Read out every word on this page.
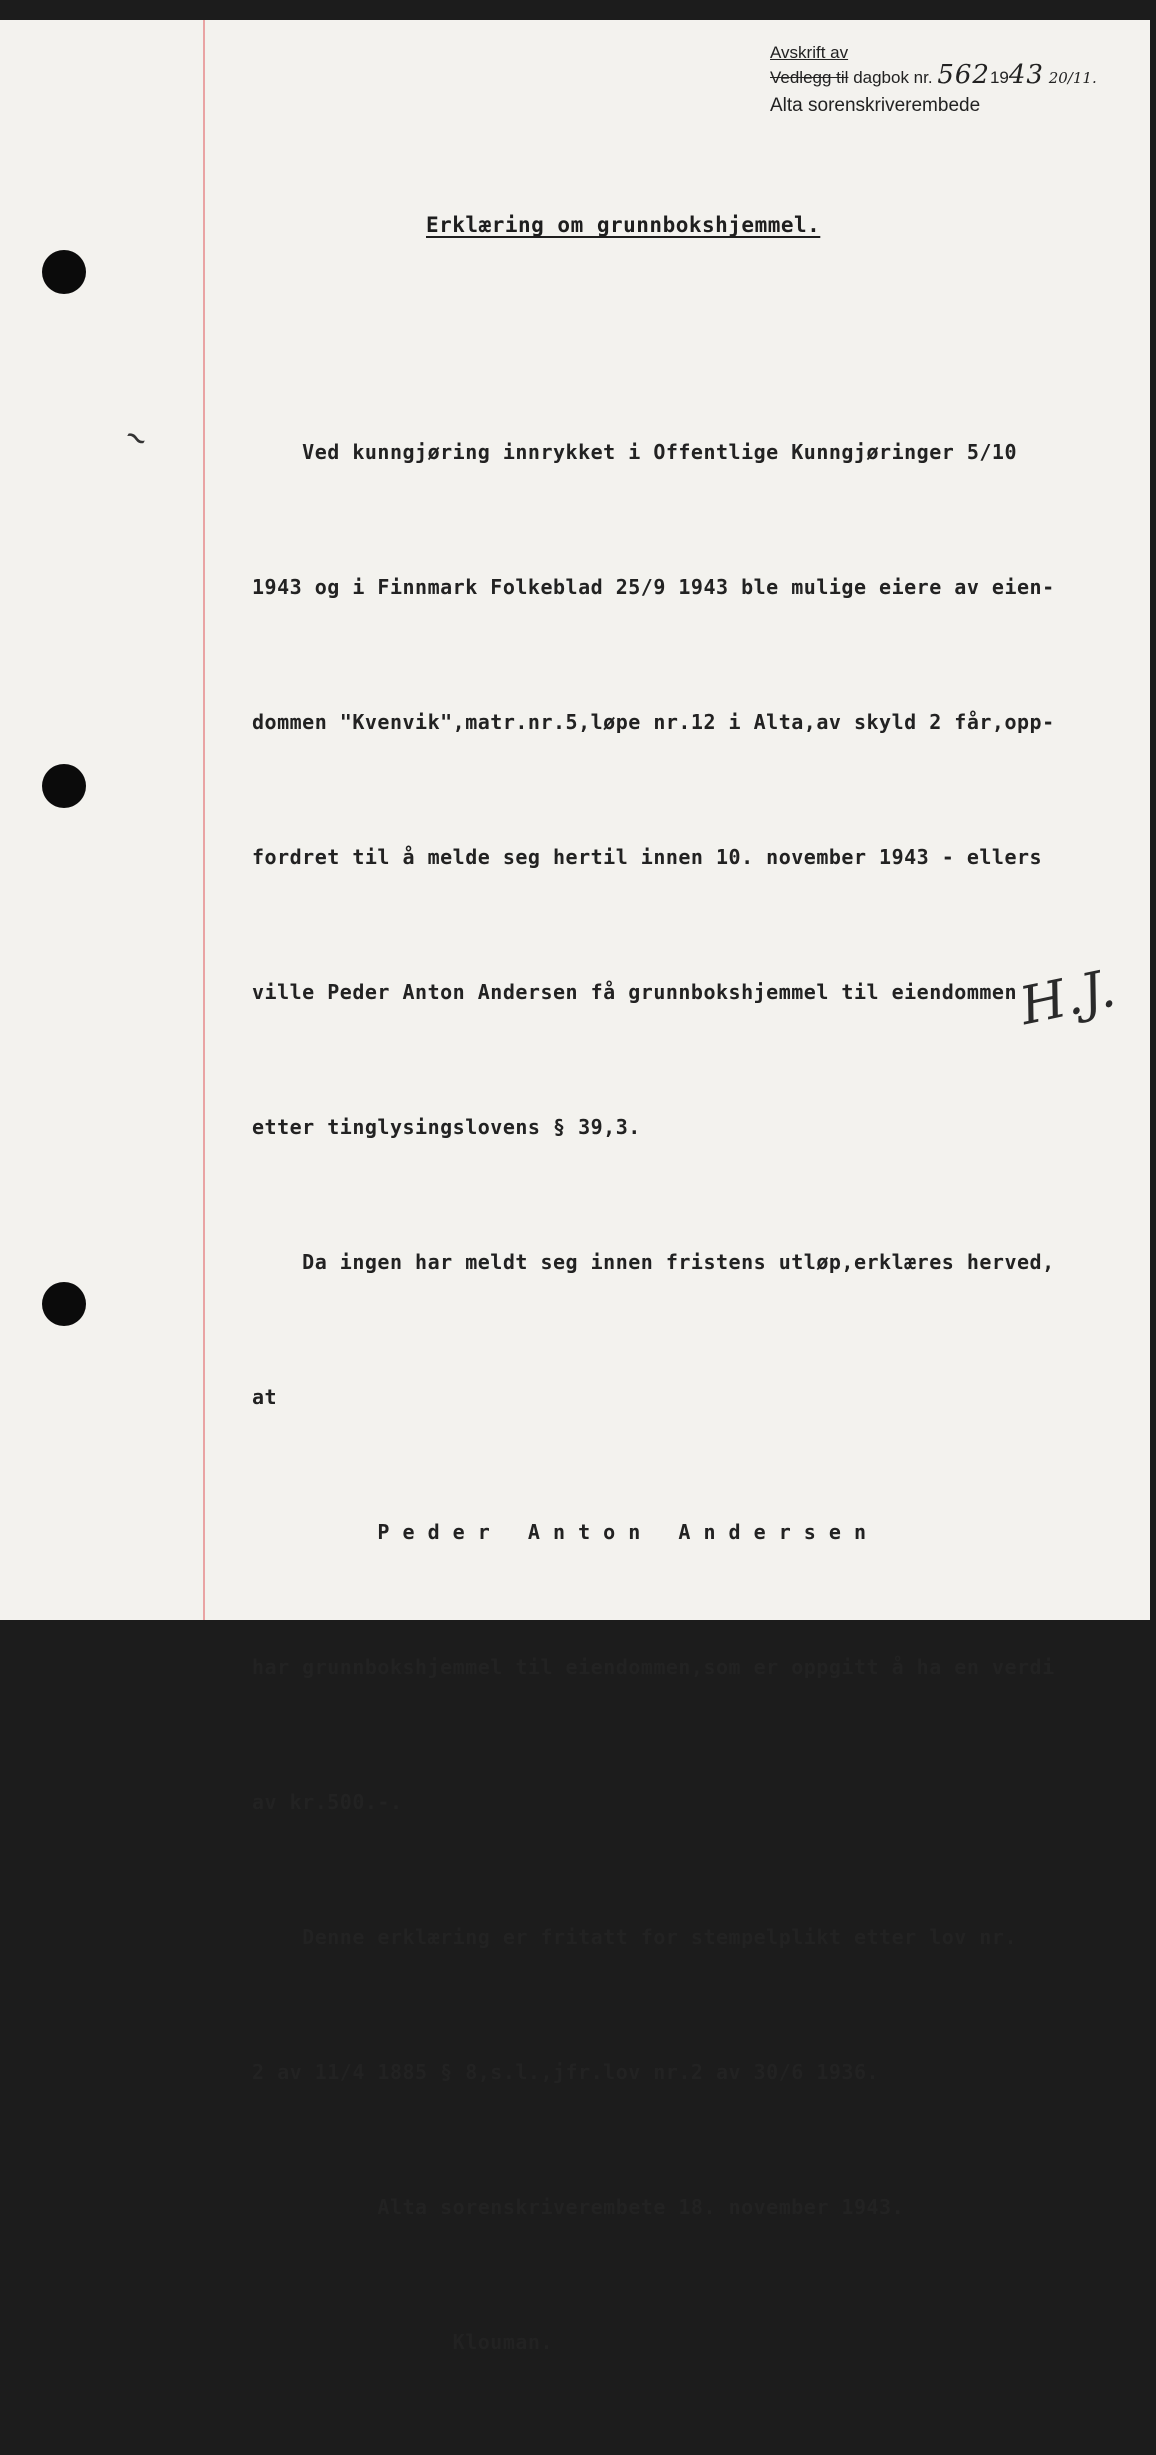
Avskrift av
Vedlegg til dagbok nr. 5621943 20/11.
Alta sorenskriverembede
Erklæring om grunnbokshjemmel.
~

	Ved kunngjøring innrykket i Offentlige Kunngjøringer 5/10

1943 og i Finnmark Folkeblad 25/9 1943 ble mulige eiere av eien-

dommen "Kvenvik",matr.nr.5,løpe nr.12 i Alta,av skyld 2 får,opp-

fordret til å melde seg hertil innen 10. november 1943 - ellers

ville Peder Anton Andersen få grunnbokshjemmel til eiendommen

etter tinglysingslovens § 39,3.

Da ingen har meldt seg innen fristens utløp,erklæres herved,

at

P e d e r   A n t o n   A n d e r s e n

har grunnbokshjemmel til eiendommen,som er oppgitt å ha en verdi

av kr.500.-.

Denne erklæring er fritatt for stempelplikt etter lov nr.

2 av 11/4 1885 § 8,s.l.,jfr.lov nr.2 av 30/6 1936.

Alta sorenskriverembete 18. november 1943.

Klouman.

H.J.
